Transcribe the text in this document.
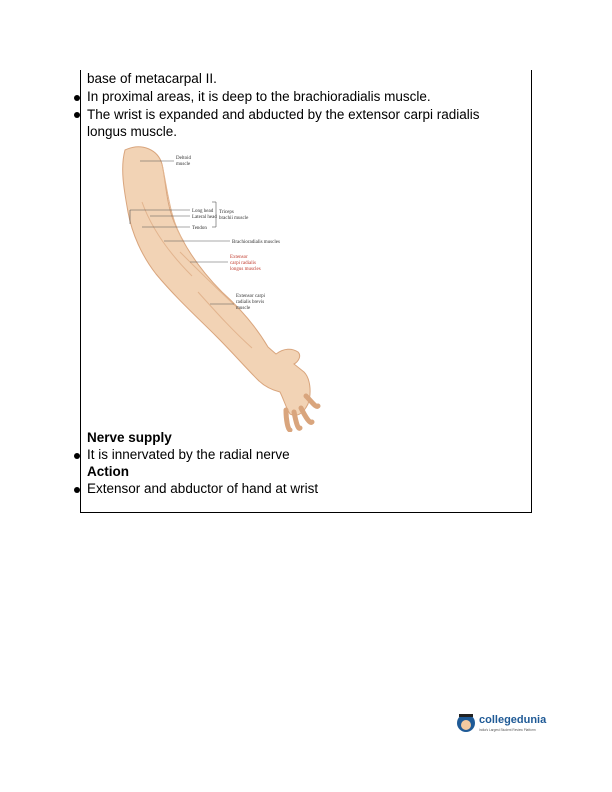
base of metacarpal II.
In proximal areas, it is deep to the brachioradialis muscle.
The wrist is expanded and abducted by the extensor carpi radialis
longus muscle.
Deltoid
muscle
Long head
Lateral head
Triceps
brachii muscle
Tendon
Brachioradialis muscles
Extensor
carpi radialis
longus muscles
Extensor carpi
radialis brevis
muscle
Nerve supply
It is innervated by the radial nerve
Action
Extensor and abductor of hand at wrist
collegedunia
India's Largest Student Review Platform
